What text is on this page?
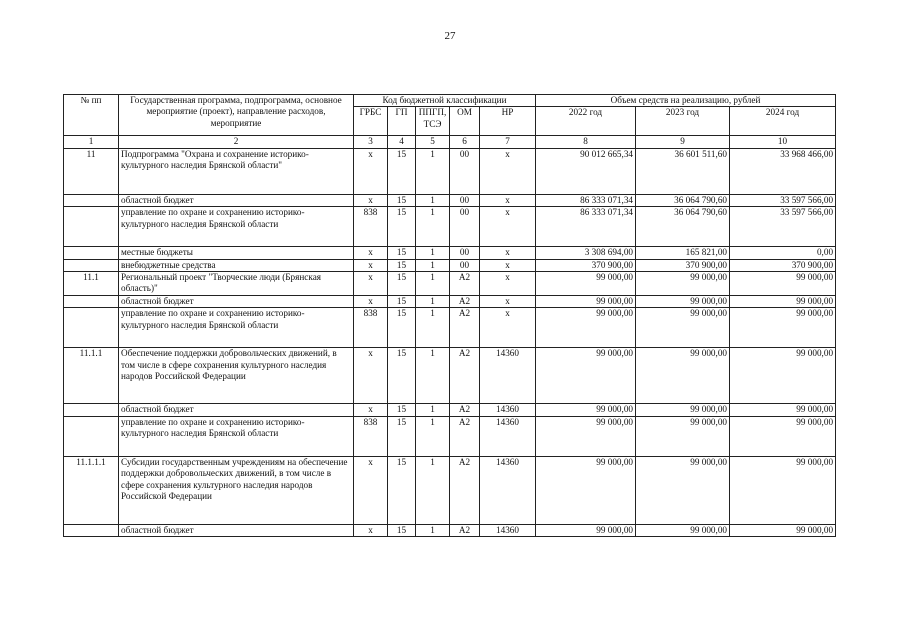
27
№ пп	Государственная программа, подпрограмма, основное мероприятие (проект), направление расходов, мероприятие	Код бюджетной классификации					Объем средств на реализацию, рублей		
		ГРБС	ГП	ППГП, ТСЭ	ОМ	НР	2022 год	2023 год	2024 год
1	2	3	4	5	6	7	8	9	10
11	Подпрограмма "Охрана и сохранение историко-культурного наследия Брянской области"	х	15	1	00	х	90 012 665,34	36 601 511,60	33 968 466,00
	областной бюджет	х	15	1	00	х	86 333 071,34	36 064 790,60	33 597 566,00
	управление по охране и сохранению историко-культурного наследия Брянской области	838	15	1	00	х	86 333 071,34	36 064 790,60	33 597 566,00
	местные бюджеты	х	15	1	00	х	3 308 694,00	165 821,00	0,00
	внебюджетные средства	х	15	1	00	х	370 900,00	370 900,00	370 900,00
11.1	Региональный проект "Творческие люди (Брянская область)"	х	15	1	А2	х	99 000,00	99 000,00	99 000,00
	областной бюджет	х	15	1	А2	х	99 000,00	99 000,00	99 000,00
	управление по охране и сохранению историко-культурного наследия Брянской области	838	15	1	А2	х	99 000,00	99 000,00	99 000,00
11.1.1	Обеспечение поддержки добровольческих движений, в том числе в сфере сохранения культурного наследия народов Российской Федерации	х	15	1	А2	14360	99 000,00	99 000,00	99 000,00
	областной бюджет	х	15	1	А2	14360	99 000,00	99 000,00	99 000,00
	управление по охране и сохранению историко-культурного наследия Брянской области	838	15	1	А2	14360	99 000,00	99 000,00	99 000,00
11.1.1.1	Субсидии государственным учреждениям на обеспечение поддержки добровольческих движений, в том числе в сфере сохранения культурного наследия народов Российской Федерации	х	15	1	А2	14360	99 000,00	99 000,00	99 000,00
	областной бюджет	х	15	1	А2	14360	99 000,00	99 000,00	99 000,00
